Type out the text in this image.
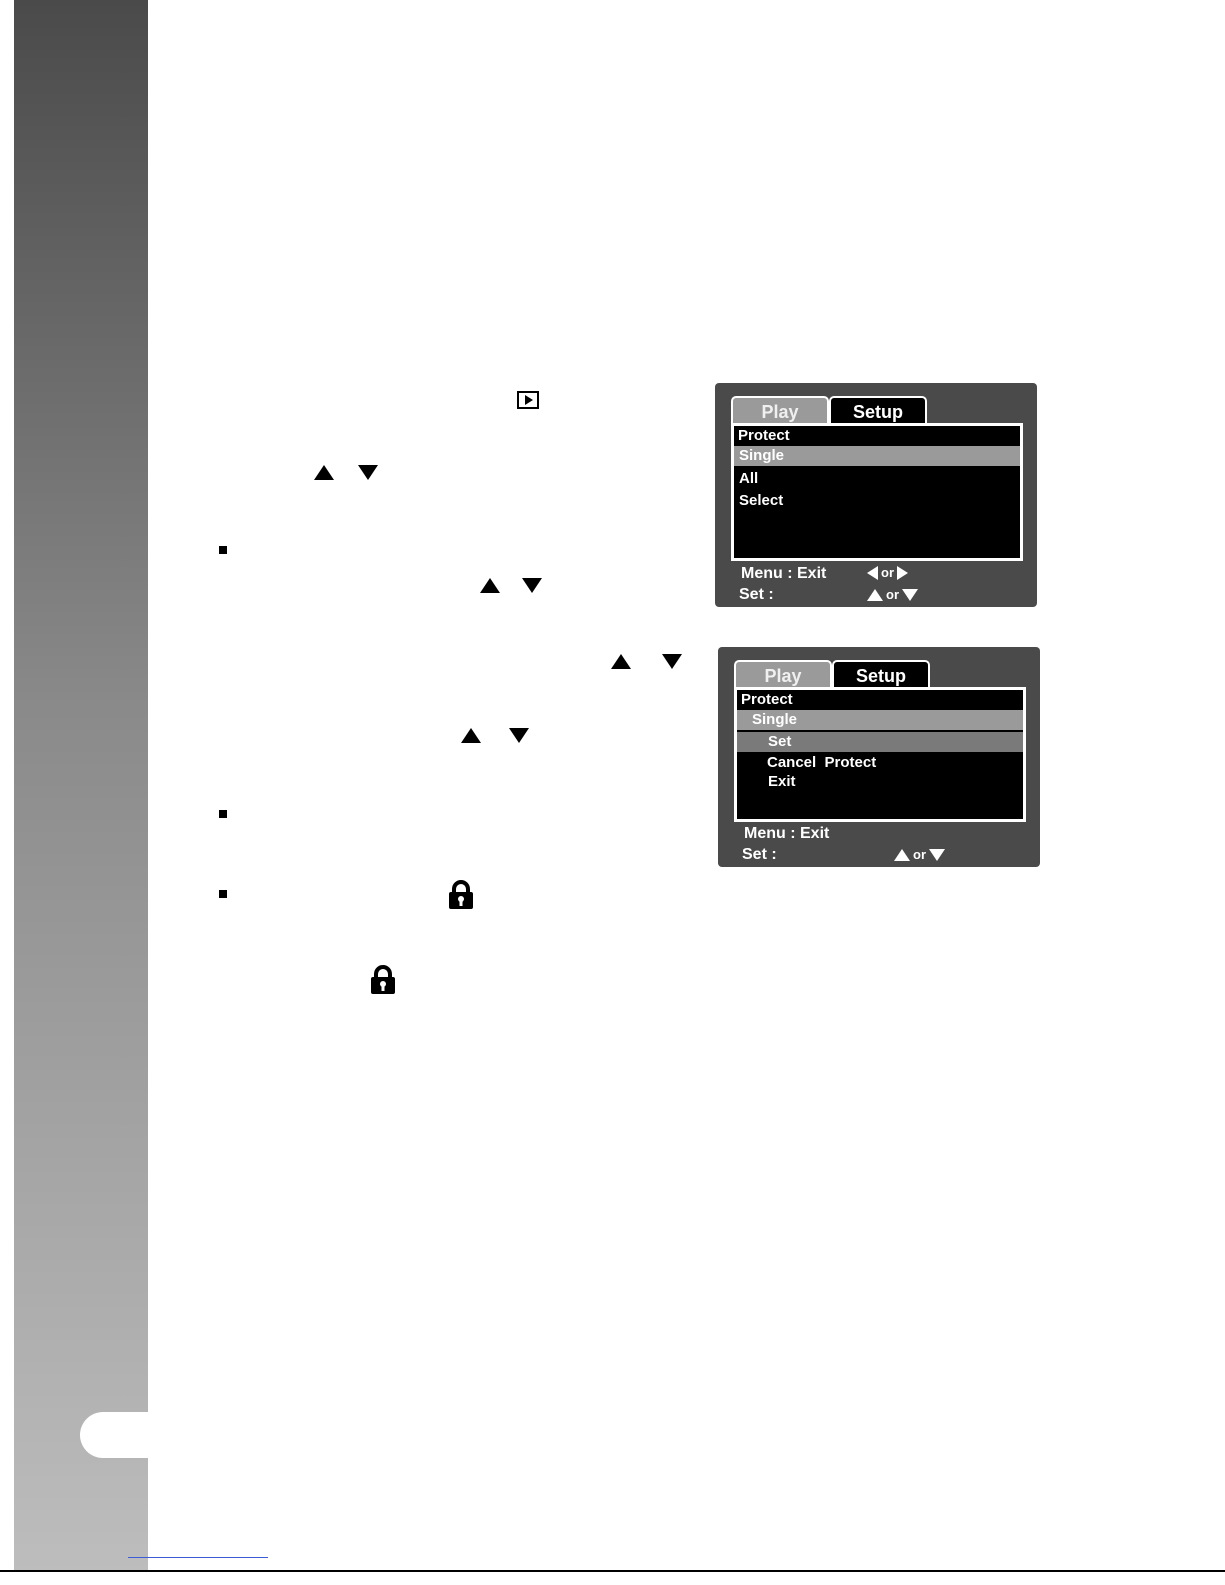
Play	Setup
Protect
Single
All
Select
Menu : Exit
Set :
or
or
Play	Setup
Protect
Single
Set
Cancel  Protect
Exit
Menu : Exit
Set :	or
